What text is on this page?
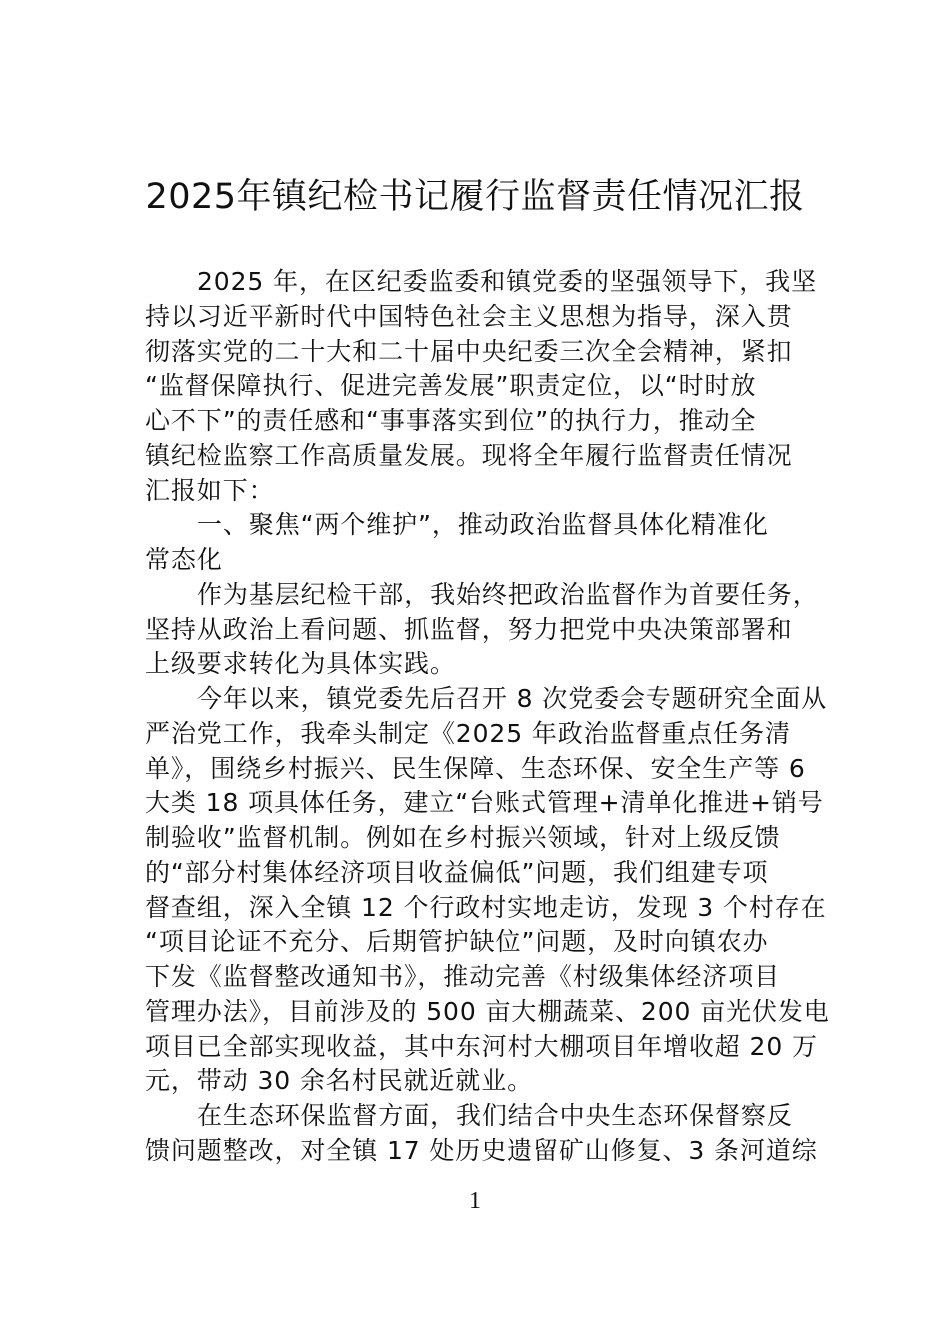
2025年镇纪检书记履行监督责任情况汇报
2025 年，在区纪委监委和镇党委的坚强领导下，我坚
持以习近平新时代中国特色社会主义思想为指导，深入贯
彻落实党的二十大和二十届中央纪委三次全会精神，紧扣
“监督保障执行、促进完善发展”职责定位，以“时时放
心不下”的责任感和“事事落实到位”的执行力，推动全
镇纪检监察工作高质量发展。现将全年履行监督责任情况
汇报如下：
一、聚焦“两个维护”，推动政治监督具体化精准化
常态化
作为基层纪检干部，我始终把政治监督作为首要任务，
坚持从政治上看问题、抓监督，努力把党中央决策部署和
上级要求转化为具体实践。
今年以来，镇党委先后召开 8 次党委会专题研究全面从
严治党工作，我牵头制定《2025 年政治监督重点任务清
单》，围绕乡村振兴、民生保障、生态环保、安全生产等 6
大类 18 项具体任务，建立“台账式管理+清单化推进+销号
制验收”监督机制。例如在乡村振兴领域，针对上级反馈
的“部分村集体经济项目收益偏低”问题，我们组建专项
督查组，深入全镇 12 个行政村实地走访，发现 3 个村存在
“项目论证不充分、后期管护缺位”问题，及时向镇农办
下发《监督整改通知书》，推动完善《村级集体经济项目
管理办法》，目前涉及的 500 亩大棚蔬菜、200 亩光伏发电
项目已全部实现收益，其中东河村大棚项目年增收超 20 万
元，带动 30 余名村民就近就业。
在生态环保监督方面，我们结合中央生态环保督察反
馈问题整改，对全镇 17 处历史遗留矿山修复、3 条河道综
1
